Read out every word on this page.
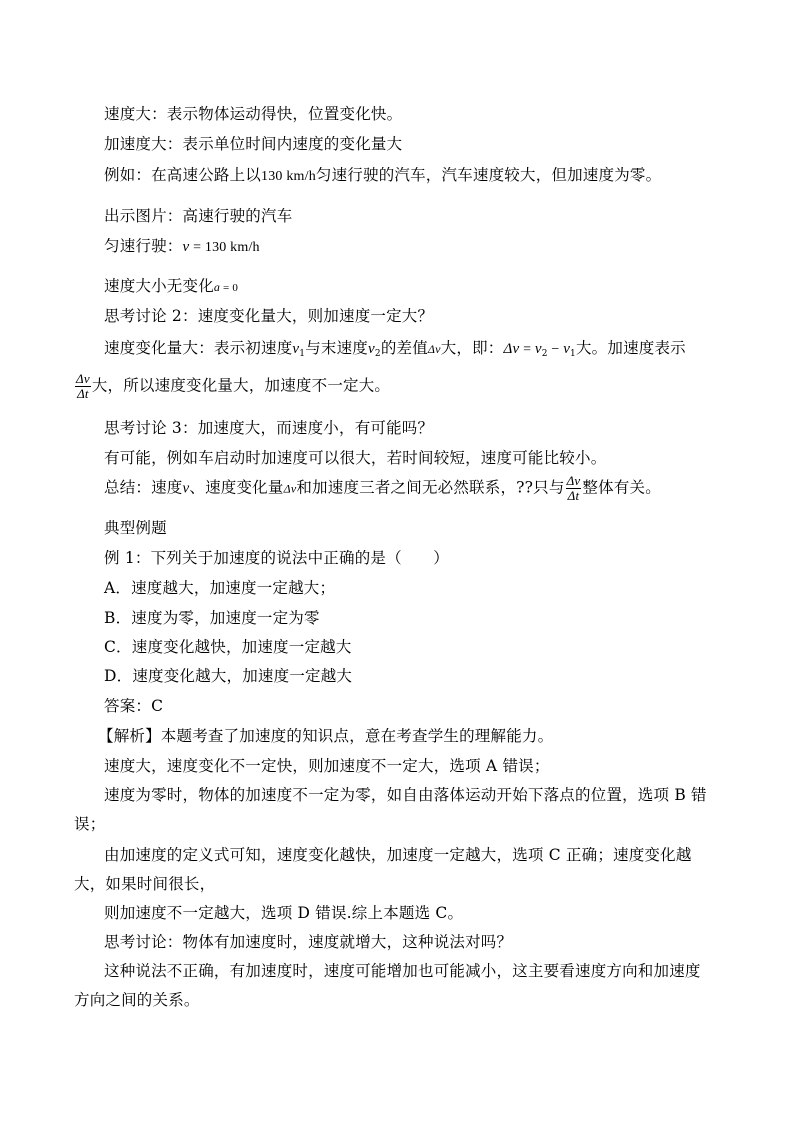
速度大：表示物体运动得快，位置变化快。
加速度大：表示单位时间内速度的变化量大
例如：在高速公路上以130 km/h匀速行驶的汽车，汽车速度较大，但加速度为零。
出示图片：高速行驶的汽车
匀速行驶：v = 130 km/h
速度大小无变化a = 0
思考讨论 2：速度变化量大，则加速度一定大？
速度变化量大：表示初速度$v_1$与末速度$v_2$的差值Δv大，即：$\Delta v = v_2 - v_1$大。加速度表示
$\frac{\Delta v}{\Delta t}$ 大，所以速度变化量大，加速度不一定大。
思考讨论 3：加速度大，而速度小，有可能吗？
有可能，例如车启动时加速度可以很大，若时间较短，速度可能比较小。
总结：速度v、速度变化量Δv和加速度三者之间无必然联系，??只与 $\frac{\Delta v}{\Delta t}$ 整体有关。
典型例题
例 1：下列关于加速度的说法中正确的是（　　）
A．速度越大，加速度一定越大；
B．速度为零，加速度一定为零
C．速度变化越快，加速度一定越大
D．速度变化越大，加速度一定越大
答案：C
【解析】本题考查了加速度的知识点，意在考查学生的理解能力。
速度大，速度变化不一定快，则加速度不一定大，选项 A 错误；
速度为零时，物体的加速度不一定为零，如自由落体运动开始下落点的位置，选项 B 错
误；
由加速度的定义式可知，速度变化越快，加速度一定越大，选项 C 正确；速度变化越
大，如果时间很长，
则加速度不一定越大，选项 D 错误.综上本题选 C。
思考讨论：物体有加速度时，速度就增大，这种说法对吗？
这种说法不正确，有加速度时，速度可能增加也可能减小，这主要看速度方向和加速度
方向之间的关系。
